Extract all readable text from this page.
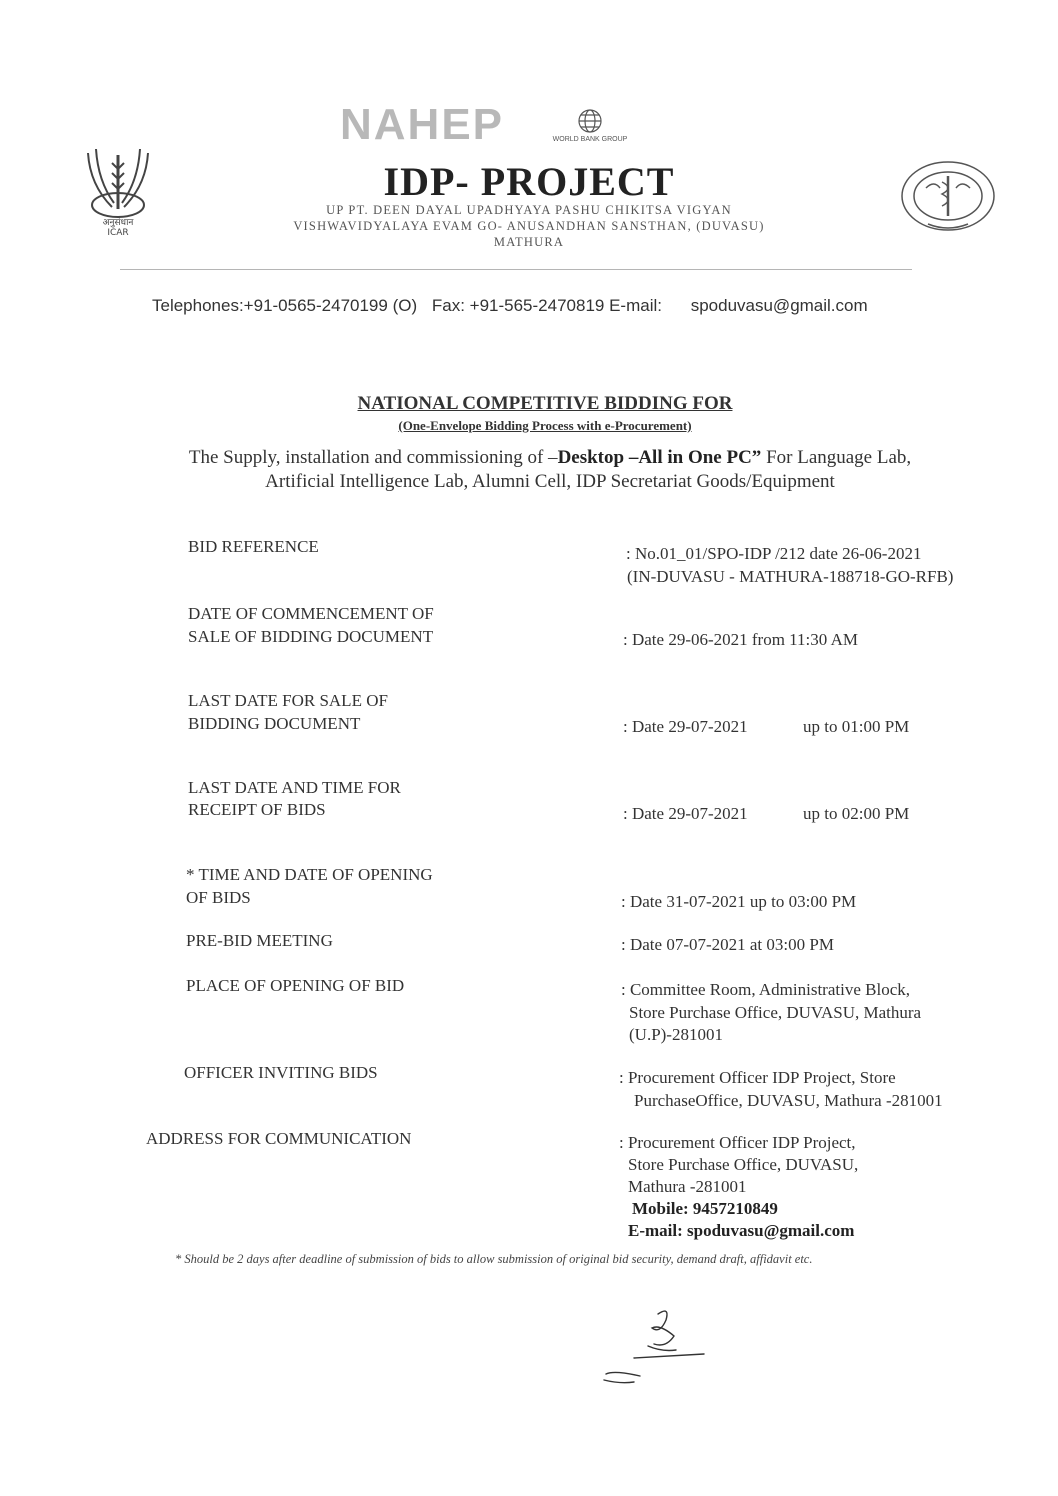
अनुसंधान
ICAR
NAHEP	WORLD BANK GROUP
IDP- PROJECT
UP PT. DEEN DAYAL UPADHYAYA PASHU CHIKITSA VIGYAN
VISHWAVIDYALAYA EVAM GO- ANUSANDHAN SANSTHAN, (DUVASU)
MATHURA
Telephones:+91-0565-2470199 (O) Fax: +91-565-2470819 E-mail: spoduvasu@gmail.com
NATIONAL COMPETITIVE BIDDING FOR
(One-Envelope Bidding Process with e-Procurement)
The Supply, installation and commissioning of –Desktop –All in One PC” For Language Lab,
Artificial Intelligence Lab, Alumni Cell, IDP Secretariat Goods/Equipment
BID REFERENCE	: No.01_01/SPO-IDP /212 date 26-06-2021
(IN-DUVASU - MATHURA-188718-GO-RFB)
DATE OF COMMENCEMENT OF
SALE OF BIDDING DOCUMENT	: Date 29-06-2021 from 11:30 AM
LAST DATE FOR SALE OF
BIDDING DOCUMENT	: Date 29-07-2021	up to 01:00 PM
LAST DATE AND TIME FOR
RECEIPT OF BIDS	: Date 29-07-2021	up to 02:00 PM
* TIME AND DATE OF OPENING
OF BIDS	: Date 31-07-2021 up to 03:00 PM
PRE-BID MEETING	: Date 07-07-2021 at 03:00 PM
PLACE OF OPENING OF BID	: Committee Room, Administrative Block,
Store Purchase Office, DUVASU, Mathura
(U.P)-281001
OFFICER INVITING BIDS	: Procurement Officer IDP Project, Store
PurchaseOffice, DUVASU, Mathura -281001
ADDRESS FOR COMMUNICATION	: Procurement Officer IDP Project,
Store Purchase Office, DUVASU,
Mathura -281001
Mobile: 9457210849
E-mail: spoduvasu@gmail.com
* Should be 2 days after deadline of submission of bids to allow submission of original bid security, demand draft, affidavit etc.
